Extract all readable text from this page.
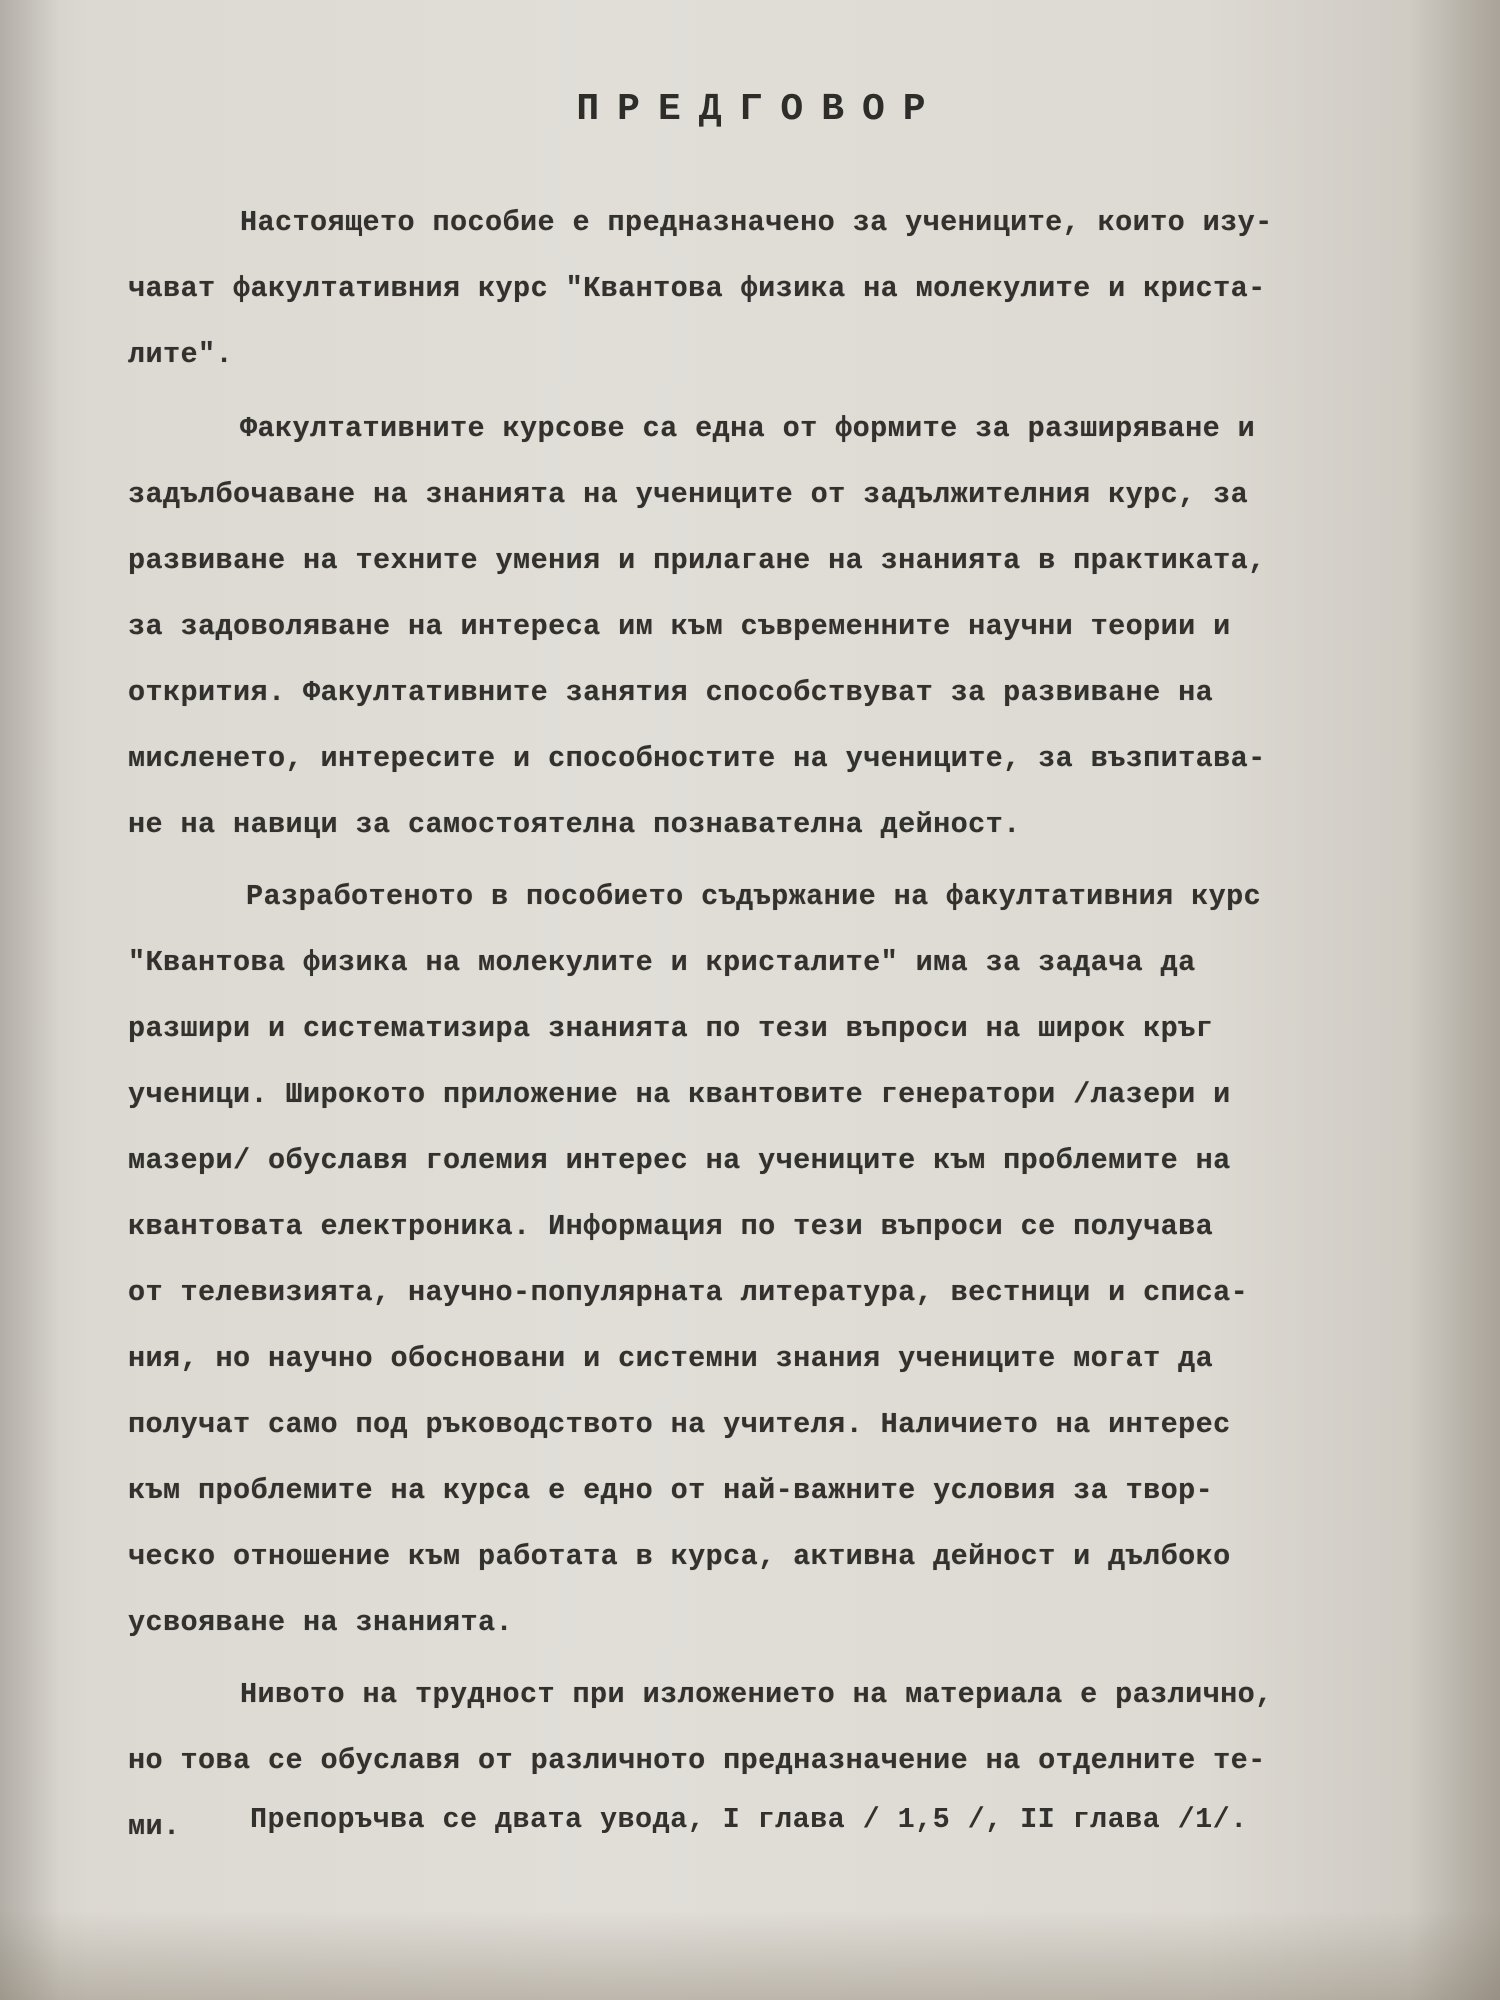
ПРЕДГОВОР
Настоящето пособие е предназначено за учениците, които изу-
чават факултативния курс "Квантова физика на молекулите и криста-
лите".
Факултативните курсове са една от формите за разширяване и
задълбочаване на знанията на учениците от задължителния курс, за
развиване на техните умения и прилагане на знанията в практиката,
за задоволяване на интереса им към съвременните научни теории и
открития. Факултативните занятия способствуват за развиване на
мисленето, интересите и способностите на учениците, за възпитава-
не на навици за самостоятелна познавателна дейност.
Разработеното в пособието съдържание на факултативния курс
"Квантова физика на молекулите и кристалите" има за задача да
разшири и систематизира знанията по тези въпроси на широк кръг
ученици. Широкото приложение на квантовите генератори /лазери и
мазери/ обуславя големия интерес на учениците към проблемите на
квантовата електроника. Информация по тези въпроси се получава
от телевизията, научно-популярната литература, вестници и списа-
ния, но научно обосновани и системни знания учениците могат да
получат само под ръководството на учителя. Наличието на интерес
към проблемите на курса е едно от най-важните условия за твор-
ческо отношение към работата в курса, активна дейност и дълбоко
усвояване на знанията.
Нивото на трудност при изложението на материала е различно,
но това се обуславя от различното предназначение на отделните те-
ми.	Препоръчва се двата увода, I глава / 1,5 /, II глава /1/.
